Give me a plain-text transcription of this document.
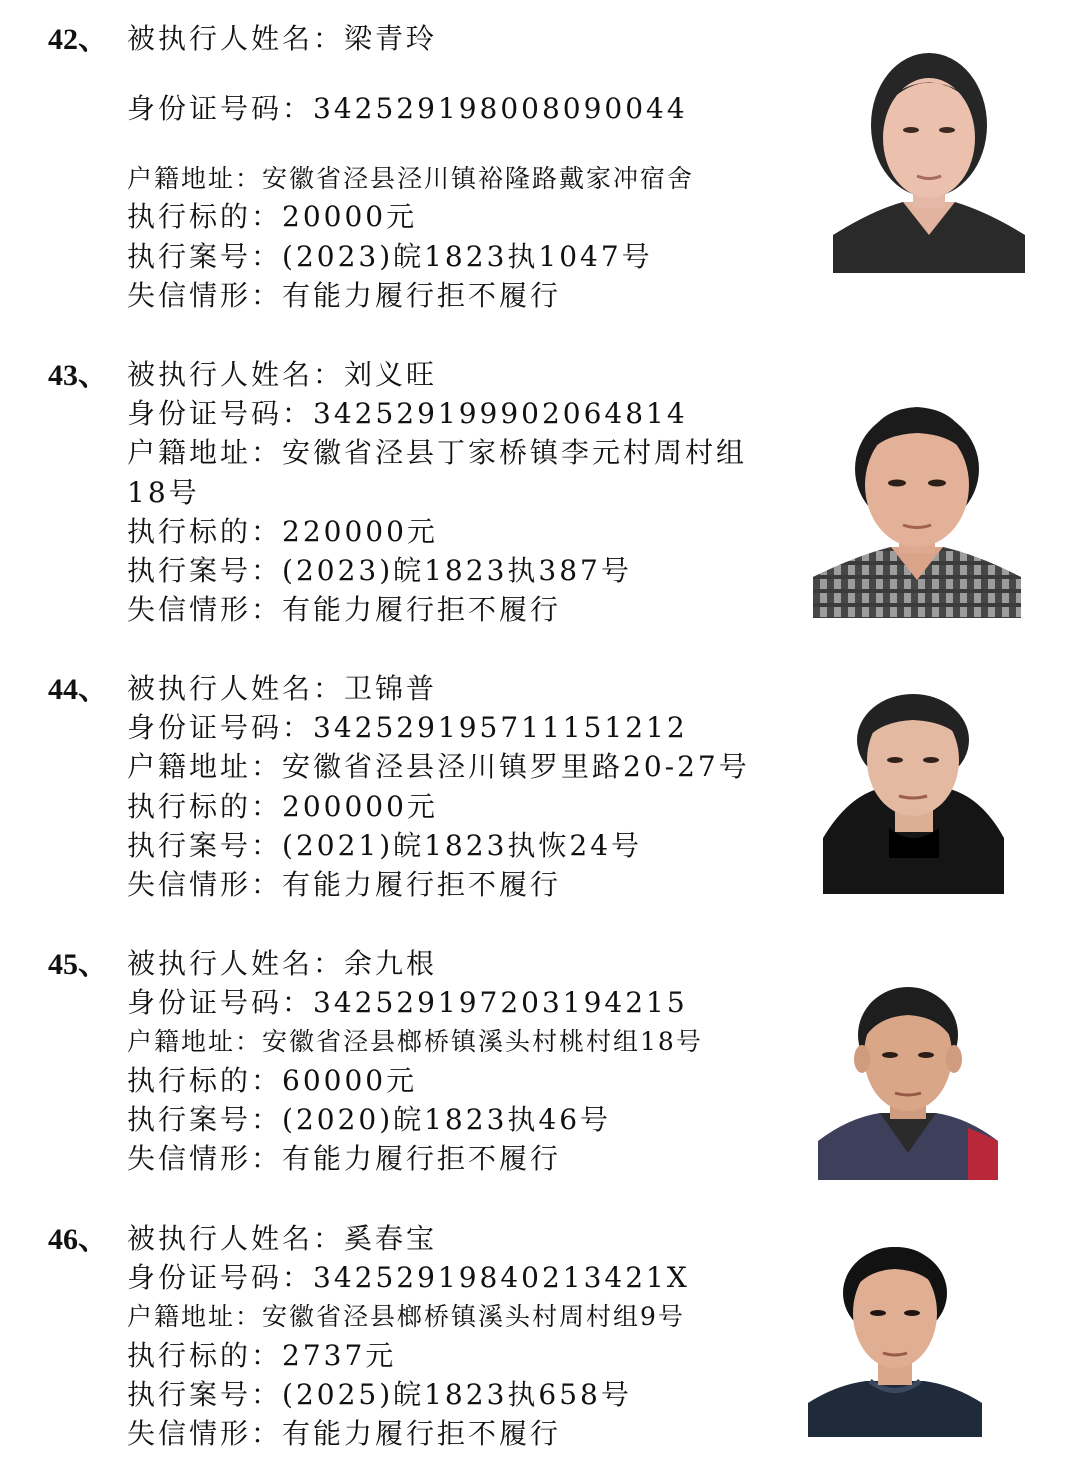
42、 被执行人姓名：梁青玲
身份证号码：342529198008090044
户籍地址：安徽省泾县泾川镇裕隆路戴家冲宿舍
执行标的：20000元
执行案号：(2023)皖1823执1047号
失信情形：有能力履行拒不履行
43、 被执行人姓名：刘义旺
身份证号码：342529199902064814
户籍地址：安徽省泾县丁家桥镇李元村周村组
18号
执行标的：220000元
执行案号：(2023)皖1823执387号
失信情形：有能力履行拒不履行
44、 被执行人姓名：卫锦普
身份证号码：342529195711151212
户籍地址：安徽省泾县泾川镇罗里路20-27号
执行标的：200000元
执行案号：(2021)皖1823执恢24号
失信情形：有能力履行拒不履行
45、 被执行人姓名：余九根
身份证号码：342529197203194215
户籍地址：安徽省泾县榔桥镇溪头村桃村组18号
执行标的：60000元
执行案号：(2020)皖1823执46号
失信情形：有能力履行拒不履行
46、 被执行人姓名：奚春宝
身份证号码：34252919840213421X
户籍地址：安徽省泾县榔桥镇溪头村周村组9号
执行标的：2737元
执行案号：(2025)皖1823执658号
失信情形：有能力履行拒不履行
